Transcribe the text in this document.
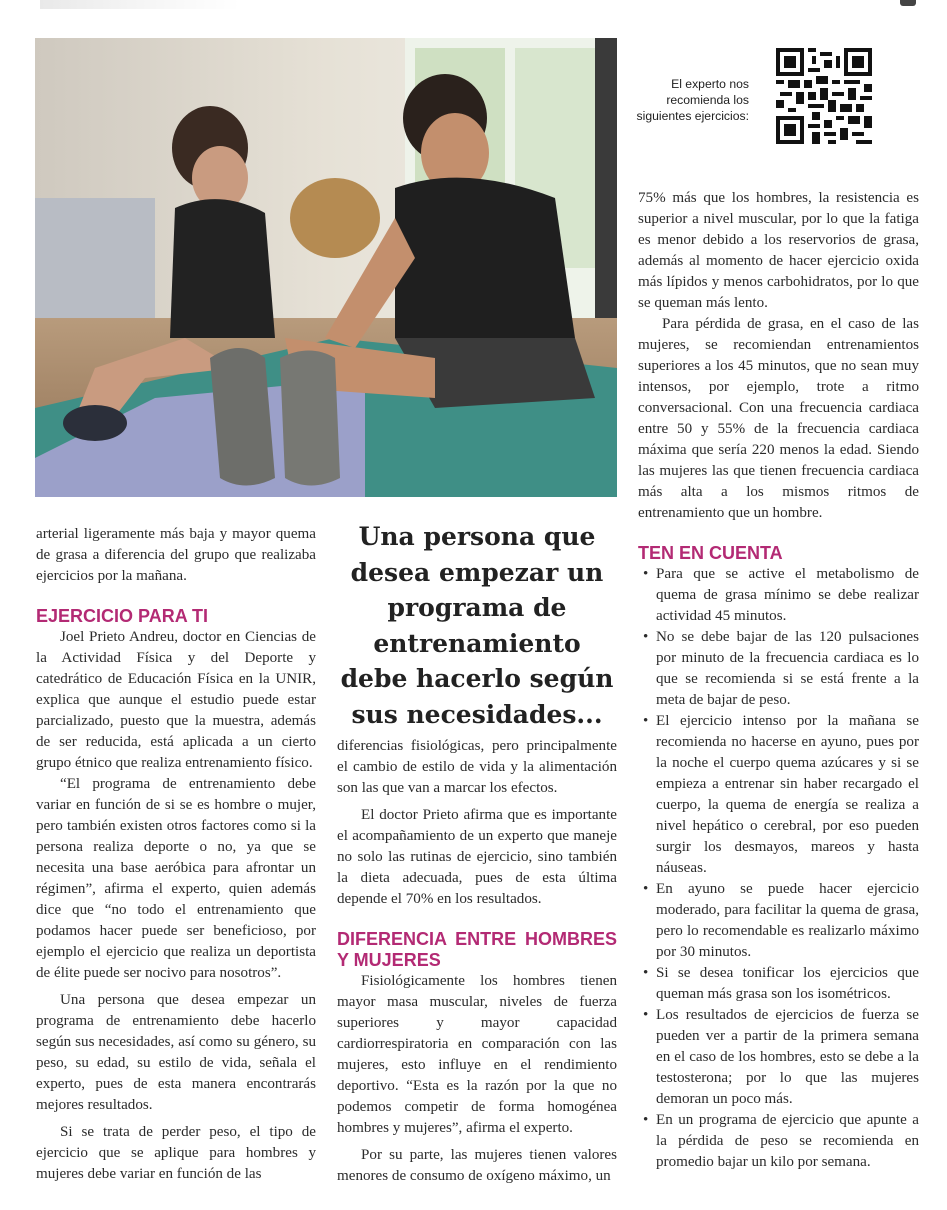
El experto nos recomienda los siguientes ejercicios:

arterial ligeramente más baja y mayor quema de grasa a diferencia del grupo que realizaba ejercicios por la mañana.

EJERCICIO PARA TI

Joel Prieto Andreu, doctor en Ciencias de la Actividad Física y del Deporte y catedrático de Educación Física en la UNIR, explica que aunque el estudio puede estar parcializado, puesto que la muestra, además de ser reducida, está aplicada a un cierto grupo étnico que realiza entrenamiento físico.

“El programa de entrenamiento debe variar en función de si se es hombre o mujer, pero también existen otros factores como si la persona realiza deporte o no, ya que se necesita una base aeróbica para afrontar un régimen”, afirma el experto, quien además dice que “no todo el entrenamiento que podamos hacer puede ser beneficioso, por ejemplo el ejercicio que realiza un deportista de élite puede ser nocivo para nosotros”.

Una persona que desea empezar un programa de entrenamiento debe hacerlo según sus necesidades, así como su género, su peso, su edad, su estilo de vida, señala el experto, pues de esta manera encontrarás mejores resultados.

Si se trata de perder peso, el tipo de ejercicio que se aplique para hombres y mujeres debe variar en función de las

Una persona que desea empezar un programa de entrenamiento debe hacerlo según sus necesidades...

diferencias fisiológicas, pero principalmente el cambio de estilo de vida y la alimentación son las que van a marcar los efectos.

El doctor Prieto afirma que es importante el acompañamiento de un experto que maneje no solo las rutinas de ejercicio, sino también la dieta adecuada, pues de esta última depende el 70% en los resultados.

DIFERENCIA ENTRE HOMBRES Y MUJERES

Fisiológicamente los hombres tienen mayor masa muscular, niveles de fuerza superiores y mayor capacidad cardiorrespiratoria en comparación con las mujeres, esto influye en el rendimiento deportivo. “Esta es la razón por la que no podemos competir de forma homogénea hombres y mujeres”, afirma el experto.

Por su parte, las mujeres tienen valores menores de consumo de oxígeno máximo, un

75% más que los hombres, la resistencia es superior a nivel muscular, por lo que la fatiga es menor debido a los reservorios de grasa, además al momento de hacer ejercicio oxida más lípidos y menos carbohidratos, por lo que se queman más lento.

Para pérdida de grasa, en el caso de las mujeres, se recomiendan entrenamientos superiores a los 45 minutos, que no sean muy intensos, por ejemplo, trote a ritmo conversacional. Con una frecuencia cardiaca entre 50 y 55% de la frecuencia cardiaca máxima que sería 220 menos la edad. Siendo las mujeres las que tienen frecuencia cardiaca más alta a los mismos ritmos de entrenamiento que un hombre.

TEN EN CUENTA
• Para que se active el metabolismo de quema de grasa mínimo se debe realizar actividad 45 minutos.
• No se debe bajar de las 120 pulsaciones por minuto de la frecuencia cardiaca es lo que se recomienda si se está frente a la meta de bajar de peso.
• El ejercicio intenso por la mañana se recomienda no hacerse en ayuno, pues por la noche el cuerpo quema azúcares y si se empieza a entrenar sin haber recargado el cuerpo, la quema de energía se realiza a nivel hepático o cerebral, por eso pueden surgir los desmayos, mareos y hasta náuseas.
• En ayuno se puede hacer ejercicio moderado, para facilitar la quema de grasa, pero lo recomendable es realizarlo máximo por 30 minutos.
• Si se desea tonificar los ejercicios que queman más grasa son los isométricos.
• Los resultados de ejercicios de fuerza se pueden ver a partir de la primera semana en el caso de los hombres, esto se debe a la testosterona; por lo que las mujeres demoran un poco más.
• En un programa de ejercicio que apunte a la pérdida de peso se recomienda en promedio bajar un kilo por semana.
